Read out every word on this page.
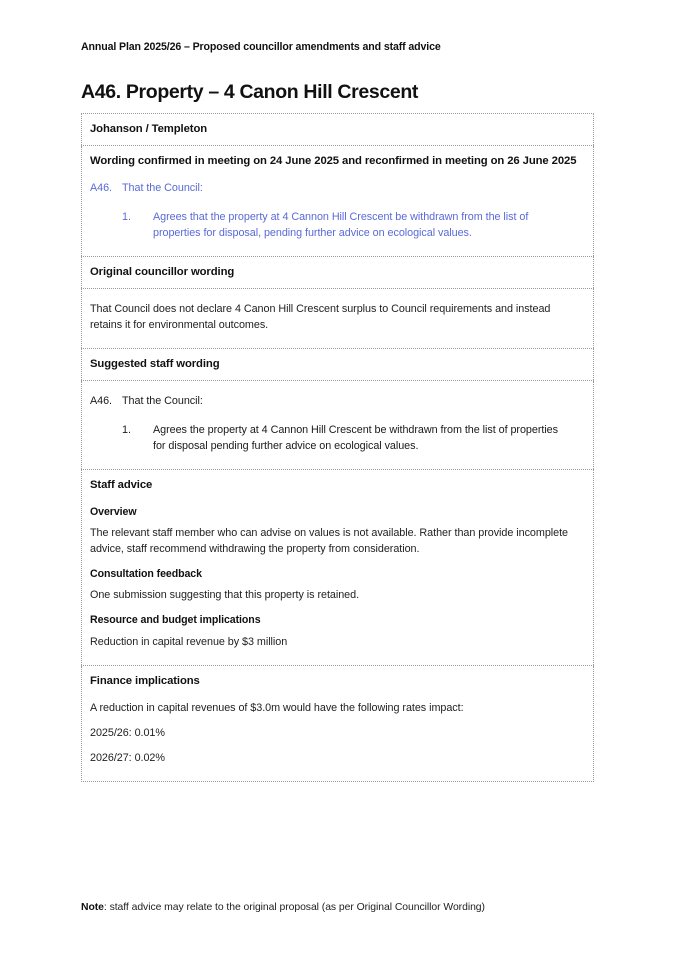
Annual Plan 2025/26 – Proposed councillor amendments and staff advice
A46. Property – 4 Canon Hill Crescent

Johanson / Templeton

Wording confirmed in meeting on 24 June 2025 and reconfirmed in meeting on 26 June 2025

A46. That the Council:
1.	Agrees that the property at 4 Cannon Hill Crescent be withdrawn from the list of properties for disposal, pending further advice on ecological values.

Original councillor wording

That Council does not declare 4 Canon Hill Crescent surplus to Council requirements and instead retains it for environmental outcomes.

Suggested staff wording

A46. That the Council:
1.	Agrees the property at 4 Cannon Hill Crescent be withdrawn from the list of properties for disposal pending further advice on ecological values.

Staff advice

Overview

The relevant staff member who can advise on values is not available. Rather than provide incomplete advice, staff recommend withdrawing the property from consideration.

Consultation feedback

One submission suggesting that this property is retained.

Resource and budget implications

Reduction in capital revenue by $3 million

Finance implications

A reduction in capital revenues of $3.0m would have the following rates impact:

2025/26: 0.01%

2026/27: 0.02%

Note: staff advice may relate to the original proposal (as per Original Councillor Wording)
